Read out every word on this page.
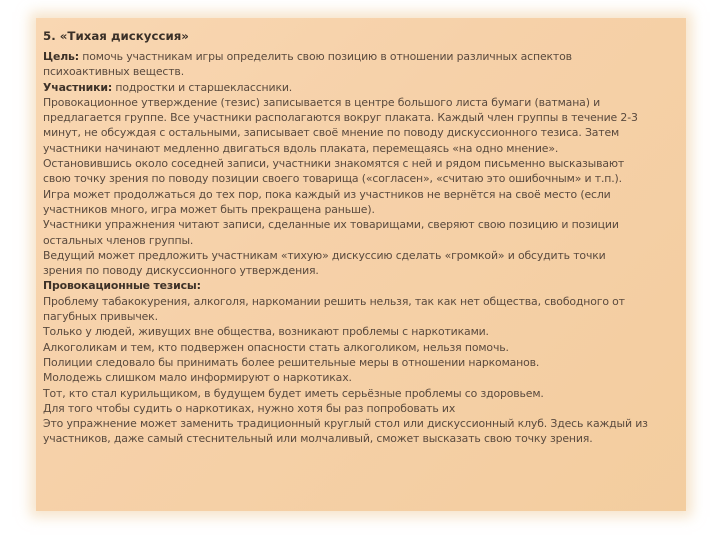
5. «Тихая дискуссия»
Цель: помочь участникам игры определить свою позицию в отношении различных аспектов
психоактивных веществ.
Участники: подростки и старшеклассники.
Провокационное утверждение (тезис) записывается в центре большого листа бумаги (ватмана) и
предлагается группе. Все участники располагаются вокруг плаката. Каждый член группы в течение 2-3
минут, не обсуждая с остальными, записывает своё мнение по поводу дискуссионного тезиса. Затем
участники начинают медленно двигаться вдоль плаката, перемещаясь «на одно мнение».
Остановившись около соседней записи, участники знакомятся с ней и рядом письменно высказывают
свою точку зрения по поводу позиции своего товарища («согласен», «считаю это ошибочным» и т.п.).
Игра может продолжаться до тех пор, пока каждый из участников не вернётся на своё место (если
участников много, игра может быть прекращена раньше).
Участники упражнения читают записи, сделанные их товарищами, сверяют свою позицию и позиции
остальных членов группы.
Ведущий может предложить участникам «тихую» дискуссию сделать «громкой» и обсудить точки
зрения по поводу дискуссионного утверждения.
Провокационные тезисы:
Проблему табакокурения, алкоголя, наркомании решить нельзя, так как нет общества, свободного от
пагубных привычек.
Только у людей, живущих вне общества, возникают проблемы с наркотиками.
Алкоголикам и тем, кто подвержен опасности стать алкоголиком, нельзя помочь.
Полиции следовало бы принимать более решительные меры в отношении наркоманов.
Молодежь слишком мало информируют о наркотиках.
Тот, кто стал курильщиком, в будущем будет иметь серьёзные проблемы со здоровьем.
Для того чтобы судить о наркотиках, нужно хотя бы раз попробовать их
Это упражнение может заменить традиционный круглый стол или дискуссионный клуб. Здесь каждый из
участников, даже самый стеснительный или молчаливый, сможет высказать свою точку зрения.
